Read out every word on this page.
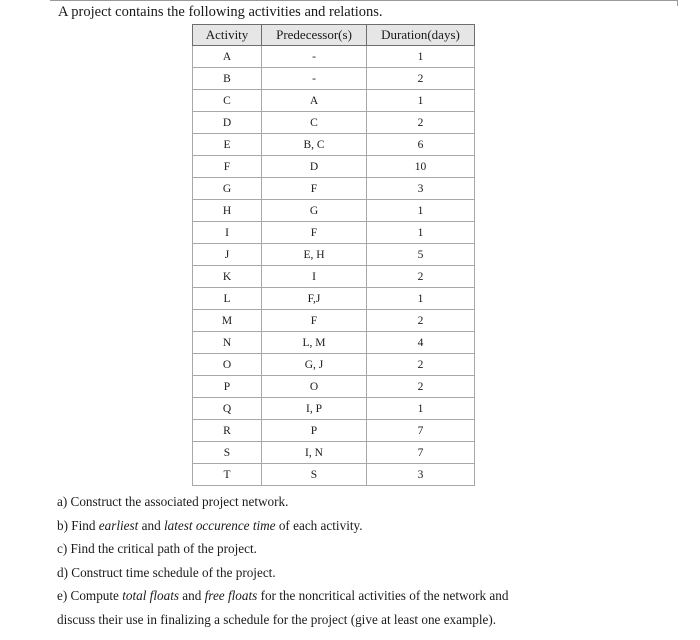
A project contains the following activities and relations.
Activity	Predecessor(s)	Duration(days)
A	-	1
B	-	2
C	A	1
D	C	2
E	B, C	6
F	D	10
G	F	3
H	G	1
I	F	1
J	E, H	5
K	I	2
L	F,J	1
M	F	2
N	L, M	4
O	G, J	2
P	O	2
Q	I, P	1
R	P	7
S	I, N	7
T	S	3

a) Construct the associated project network.

b) Find earliest and latest occurence time of each activity.

c) Find the critical path of the project.

d) Construct time schedule of the project.

e) Compute total floats and free floats for the noncritical activities of the network and

discuss their use in finalizing a schedule for the project (give at least one example).
